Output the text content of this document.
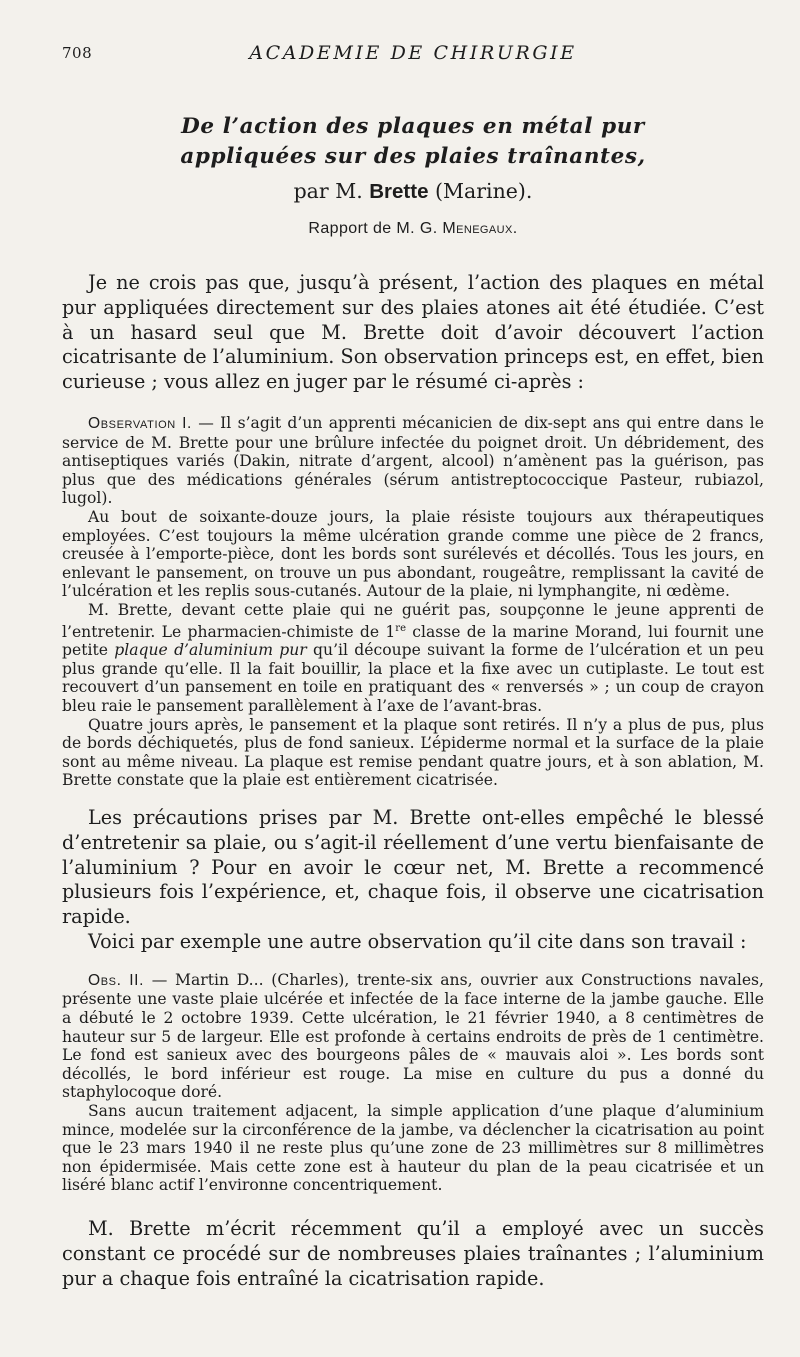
708	ACADEMIE DE CHIRURGIE
De l’action des plaques en métal pur
appliquées sur des plaies traînantes,
par M. Brette (Marine).
Rapport de M. G. Menegaux.

Je ne crois pas que, jusqu’à présent, l’action des plaques en métal pur appliquées directement sur des plaies atones ait été étudiée. C’est à un hasard seul que M. Brette doit d’avoir découvert l’action cicatrisante de l’aluminium. Son observation princeps est, en effet, bien curieuse ; vous allez en juger par le résumé ci-après :

Observation I. — Il s’agit d’un apprenti mécanicien de dix-sept ans qui entre dans le service de M. Brette pour une brûlure infectée du poignet droit. Un débridement, des antiseptiques variés (Dakin, nitrate d’argent, alcool) n’amènent pas la guérison, pas plus que des médications générales (sérum antistreptococcique Pasteur, rubiazol, lugol).

Au bout de soixante-douze jours, la plaie résiste toujours aux thérapeutiques employées. C’est toujours la même ulcération grande comme une pièce de 2 francs, creusée à l’emporte-pièce, dont les bords sont surélevés et décollés. Tous les jours, en enlevant le pansement, on trouve un pus abondant, rougeâtre, remplissant la cavité de l’ulcération et les replis sous-cutanés. Autour de la plaie, ni lymphangite, ni œdème.

M. Brette, devant cette plaie qui ne guérit pas, soupçonne le jeune apprenti de l’entretenir. Le pharmacien-chimiste de 1re classe de la marine Morand, lui fournit une petite plaque d’aluminium pur qu’il découpe suivant la forme de l’ulcération et un peu plus grande qu’elle. Il la fait bouillir, la place et la fixe avec un cutiplaste. Le tout est recouvert d’un pansement en toile en pratiquant des « renversés » ; un coup de crayon bleu raie le pansement parallèlement à l’axe de l’avant-bras.

Quatre jours après, le pansement et la plaque sont retirés. Il n’y a plus de pus, plus de bords déchiquetés, plus de fond sanieux. L’épiderme normal et la surface de la plaie sont au même niveau. La plaque est remise pendant quatre jours, et à son ablation, M. Brette constate que la plaie est entièrement cicatrisée.

Les précautions prises par M. Brette ont-elles empêché le blessé d’entretenir sa plaie, ou s’agit-il réellement d’une vertu bienfaisante de l’aluminium ? Pour en avoir le cœur net, M. Brette a recommencé plusieurs fois l’expérience, et, chaque fois, il observe une cicatrisation rapide.

Voici par exemple une autre observation qu’il cite dans son travail :

Obs. II. — Martin D... (Charles), trente-six ans, ouvrier aux Constructions navales, présente une vaste plaie ulcérée et infectée de la face interne de la jambe gauche. Elle a débuté le 2 octobre 1939. Cette ulcération, le 21 février 1940, a 8 centimètres de hauteur sur 5 de largeur. Elle est profonde à certains endroits de près de 1 centimètre. Le fond est sanieux avec des bourgeons pâles de « mauvais aloi ». Les bords sont décollés, le bord inférieur est rouge. La mise en culture du pus a donné du staphylocoque doré.

Sans aucun traitement adjacent, la simple application d’une plaque d’aluminium mince, modelée sur la circonférence de la jambe, va déclencher la cicatrisation au point que le 23 mars 1940 il ne reste plus qu’une zone de 23 millimètres sur 8 millimètres non épidermisée. Mais cette zone est à hauteur du plan de la peau cicatrisée et un liséré blanc actif l’environne concentriquement.

M. Brette m’écrit récemment qu’il a employé avec un succès constant ce procédé sur de nombreuses plaies traînantes ; l’aluminium pur a chaque fois entraîné la cicatrisation rapide.
